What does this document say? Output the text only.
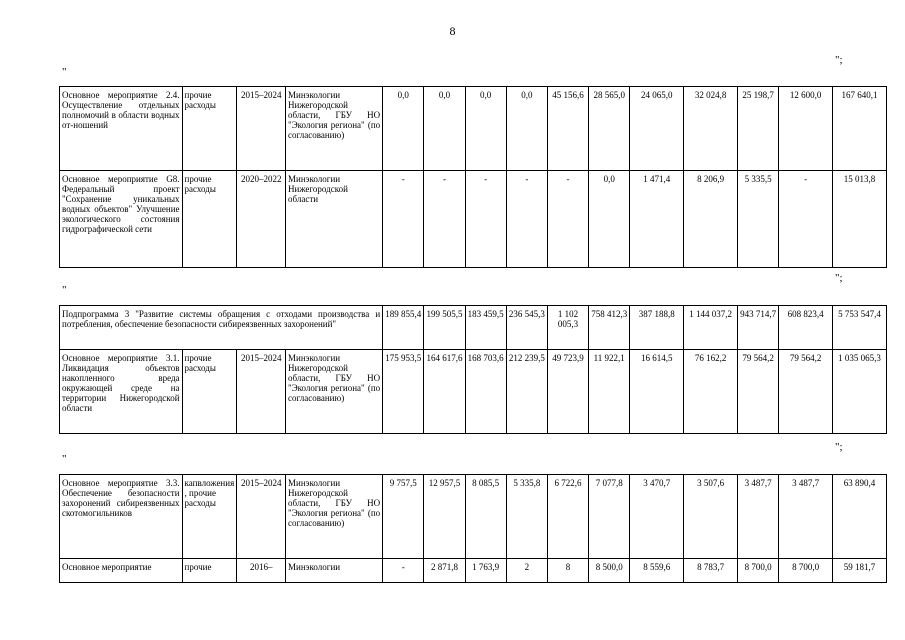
8
";
"
Основное мероприятие 2.4. Осуществление отдельных полномочий в области водных от-ношений	прочие расходы	2015–2024	Минэкологии Нижегородской области, ГБУ НО "Экология региона" (по согласованию)	0,0	0,0	0,0	0,0	45 156,6	28 565,0	24 065,0	32 024,8	25 198,7	12 600,0	167 640,1
Основное мероприятие G8. Федеральный проект "Сохранение уникальных водных объектов" Улучшение экологического состояния гидрографической сети	прочие расходы	2020–2022	Минэкологии Нижегородской области	-	-	-	-	-	0,0	1 471,4	8 206,9	5 335,5	-	15 013,8
";
"
Подпрограмма 3 "Развитие системы обращения с отходами производства и потребления, обеспечение безопасности сибиреязвенных захоронений"				189 855,4	199 505,5	183 459,5	236 545,3	1 102 005,3	758 412,3	387 188,8	1 144 037,2	943 714,7	608 823,4	5 753 547,4
Основное мероприятие 3.1. Ликвидация объектов накопленного вреда окружающей среде на территории Нижегородской области	прочие расходы	2015–2024	Минэкологии Нижегородской области, ГБУ НО "Экология региона" (по согласованию)	175 953,5	164 617,6	168 703,6	212 239,5	49 723,9	11 922,1	16 614,5	76 162,2	79 564,2	79 564,2	1 035 065,3
";
"
Основное мероприятие 3.3. Обеспечение безопасности захоронений сибиреязвенных скотомогильников	капвложения, прочие расходы	2015–2024	Минэкологии Нижегородской области, ГБУ НО "Экология региона" (по согласованию)	9 757,5	12 957,5	8 085,5	5 335,8	6 722,6	7 077,8	3 470,7	3 507,6	3 487,7	3 487,7	63 890,4
Основное мероприятие	прочие	2016–	Минэкологии	-	2 871,8	1 763,9	2	8	8 500,0	8 559,6	8 783,7	8 700,0	8 700,0	59 181,7
